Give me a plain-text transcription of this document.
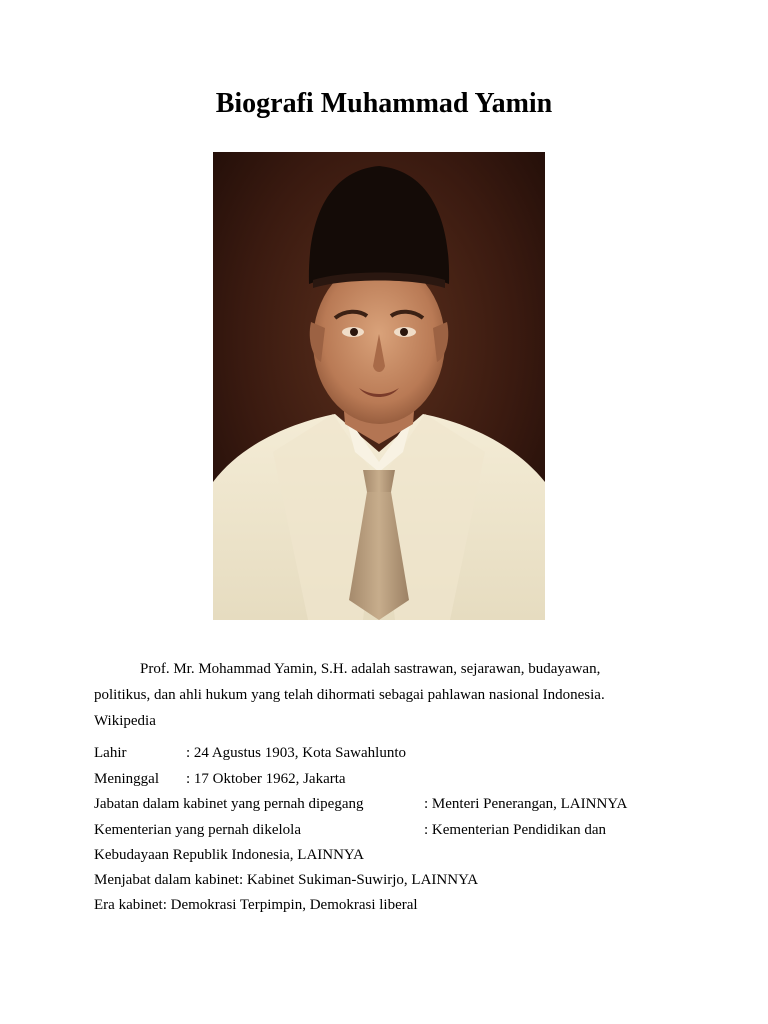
Biografi Muhammad Yamin

Prof. Mr. Mohammad Yamin, S.H. adalah sastrawan, sejarawan, budayawan, politikus, dan ahli hukum yang telah dihormati sebagai pahlawan nasional Indonesia.
Wikipedia

Lahir	: 24 Agustus 1903, Kota Sawahlunto
Meninggal : 17 Oktober 1962, Jakarta
Jabatan dalam kabinet yang pernah dipegang	: Menteri Penerangan, LAINNYA
Kementerian yang pernah dikelola	: Kementerian Pendidikan dan
Kebudayaan Republik Indonesia, LAINNYA
Menjabat dalam kabinet: Kabinet Sukiman-Suwirjo, LAINNYA
Era kabinet: Demokrasi Terpimpin, Demokrasi liberal
